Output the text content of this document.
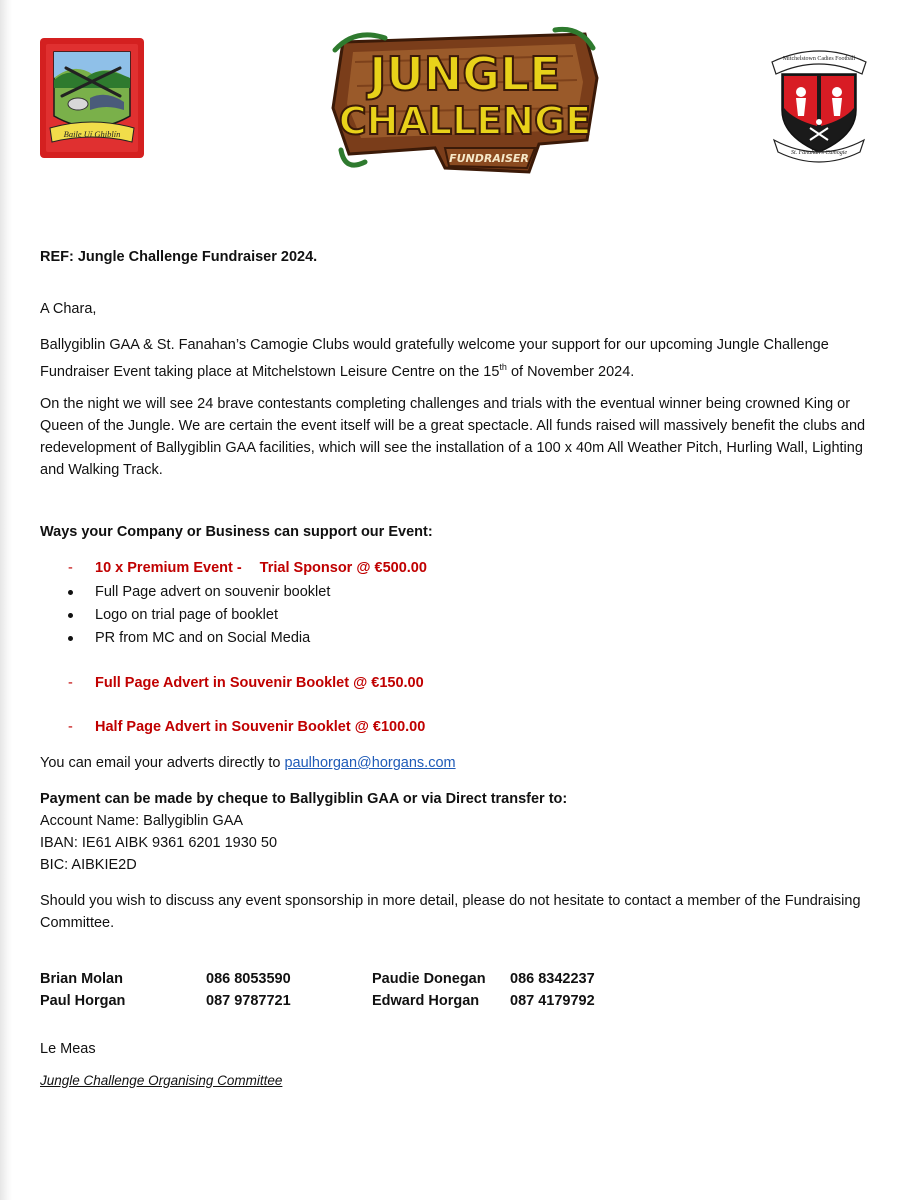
Baile Uí Ghiblín
JUNGLE
CHALLENGE
FUNDRAISER
Mitchelstown Cadies Football
St. Fanahan's Camogie

REF: Jungle Challenge Fundraiser 2024.

A Chara,

Ballygiblin GAA & St. Fanahan’s Camogie Clubs would gratefully welcome your support for our upcoming Jungle Challenge Fundraiser Event taking place at Mitchelstown Leisure Centre on the 15th of November 2024.

On the night we will see 24 brave contestants completing challenges and trials with the eventual winner being crowned King or Queen of the Jungle. We are certain the event itself will be a great spectacle. All funds raised will massively benefit the clubs and redevelopment of Ballygiblin GAA facilities, which will see the installation of a 100 x 40m All Weather Pitch, Hurling Wall, Lighting and Walking Track.

Ways your Company or Business can support our Event:

- 10 x Premium Event - Trial Sponsor @ €500.00
Full Page advert on souvenir booklet
Logo on trial page of booklet
PR from MC and on Social Media
- Full Page Advert in Souvenir Booklet @ €150.00
- Half Page Advert in Souvenir Booklet @ €100.00

You can email your adverts directly to paulhorgan@horgans.com

Payment can be made by cheque to Ballygiblin GAA or via Direct transfer to:

Account Name: Ballygiblin GAA

IBAN: IE61 AIBK 9361 6201 1930 50

BIC: AIBKIE2D

Should you wish to discuss any event sponsorship in more detail, please do not hesitate to contact a member of the Fundraising Committee.

Brian Molan	086 8053590	Paudie Donegan	086 8342237
Paul Horgan	087 9787721	Edward Horgan	087 4179792

Le Meas

Jungle Challenge Organising Committee
